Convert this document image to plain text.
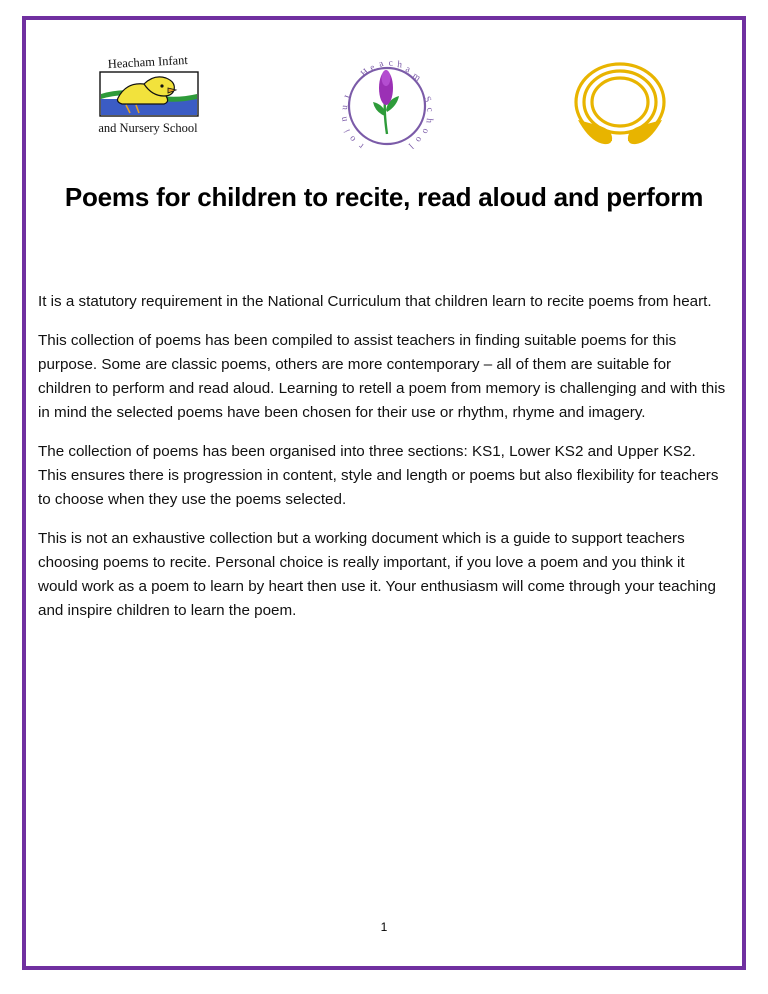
Heacham Infant
and Nursery School
H
e a c h a
m
S
c
h
o
o
l
J
u
n
i
o
r
Poems for children to recite, read aloud and perform

It is a statutory requirement in the National Curriculum that children learn to recite poems from heart.

This collection of poems has been compiled to assist teachers in finding suitable poems for this purpose. Some are classic poems, others are more contemporary – all of them are suitable for children to perform and read aloud. Learning to retell a poem from memory is challenging and with this in mind the selected poems have been chosen for their use or rhythm, rhyme and imagery.

The collection of poems has been organised into three sections: KS1, Lower KS2 and Upper KS2. This ensures there is progression in content, style and length or poems but also flexibility for teachers to choose when they use the poems selected.

This is not an exhaustive collection but a working document which is a guide to support teachers choosing poems to recite. Personal choice is really important, if you love a poem and you think it would work as a poem to learn by heart then use it. Your enthusiasm will come through your teaching and inspire children to learn the poem.

1
